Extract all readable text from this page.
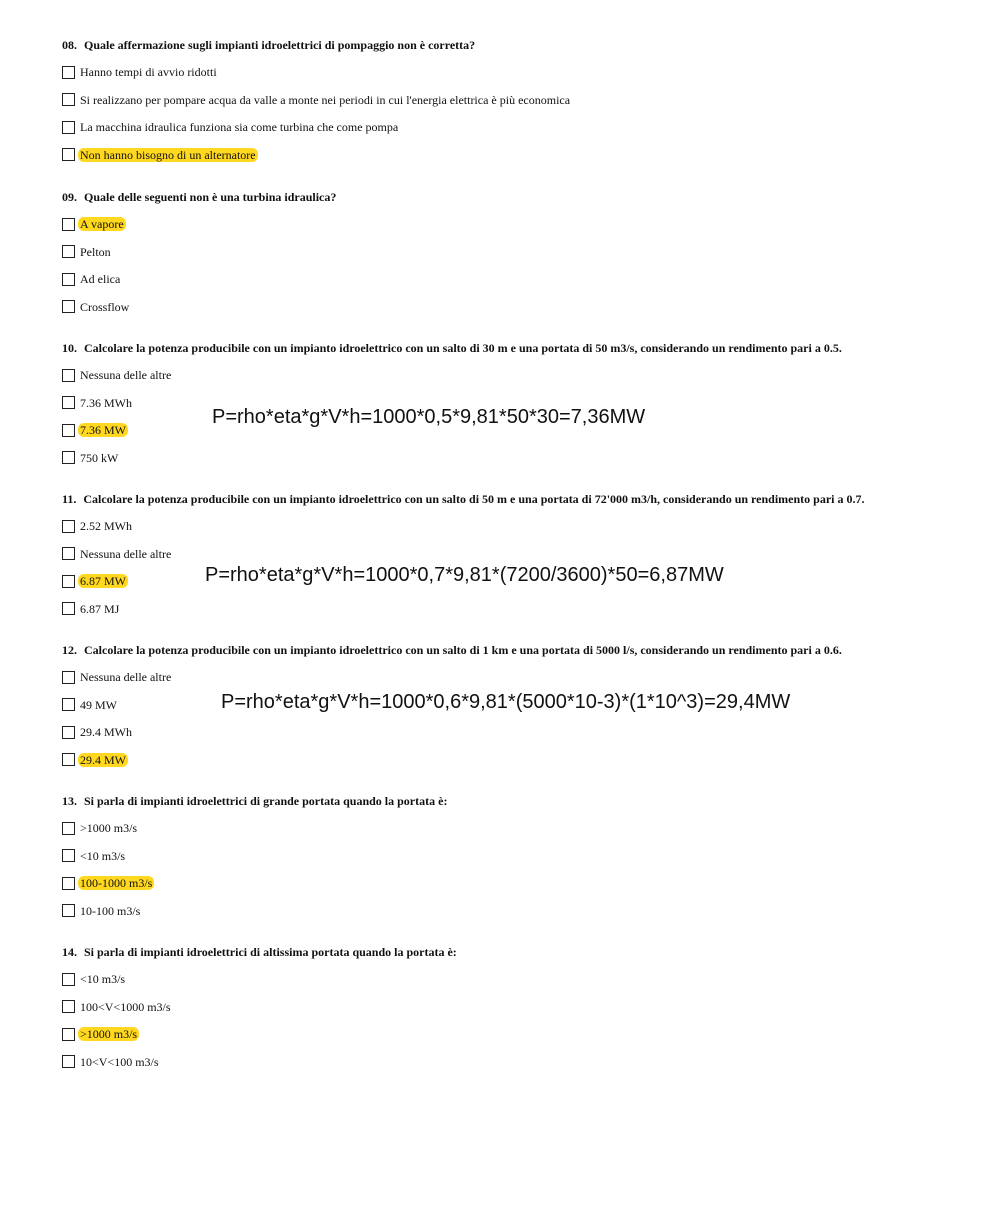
08. Quale affermazione sugli impianti idroelettrici di pompaggio non è corretta?
Hanno tempi di avvio ridotti
Si realizzano per pompare acqua da valle a monte nei periodi in cui l'energia elettrica è più economica
La macchina idraulica funziona sia come turbina che come pompa
Non hanno bisogno di un alternatore
09. Quale delle seguenti non è una turbina idraulica?
A vapore
Pelton
Ad elica
Crossflow
10. Calcolare la potenza producibile con un impianto idroelettrico con un salto di 30 m e una portata di 50 m3/s, considerando un rendimento pari a 0.5.
Nessuna delle altre
7.36 MWh
7.36 MW
750 kW
P=rho*eta*g*V*h=1000*0,5*9,81*50*30=7,36MW
11. Calcolare la potenza producibile con un impianto idroelettrico con un salto di 50 m e una portata di 72'000 m3/h, considerando un rendimento pari a 0.7.
2.52 MWh
Nessuna delle altre
6.87 MW
6.87 MJ
P=rho*eta*g*V*h=1000*0,7*9,81*(7200/3600)*50=6,87MW
12. Calcolare la potenza producibile con un impianto idroelettrico con un salto di 1 km e una portata di 5000 l/s, considerando un rendimento pari a 0.6.
Nessuna delle altre
49 MW
29.4 MWh
29.4 MW
P=rho*eta*g*V*h=1000*0,6*9,81*(5000*10-3)*(1*10^3)=29,4MW
13. Si parla di impianti idroelettrici di grande portata quando la portata è:
>1000 m3/s
<10 m3/s
100-1000 m3/s
10-100 m3/s
14. Si parla di impianti idroelettrici di altissima portata quando la portata è:
<10 m3/s
100<V<1000 m3/s
>1000 m3/s
10<V<100 m3/s
